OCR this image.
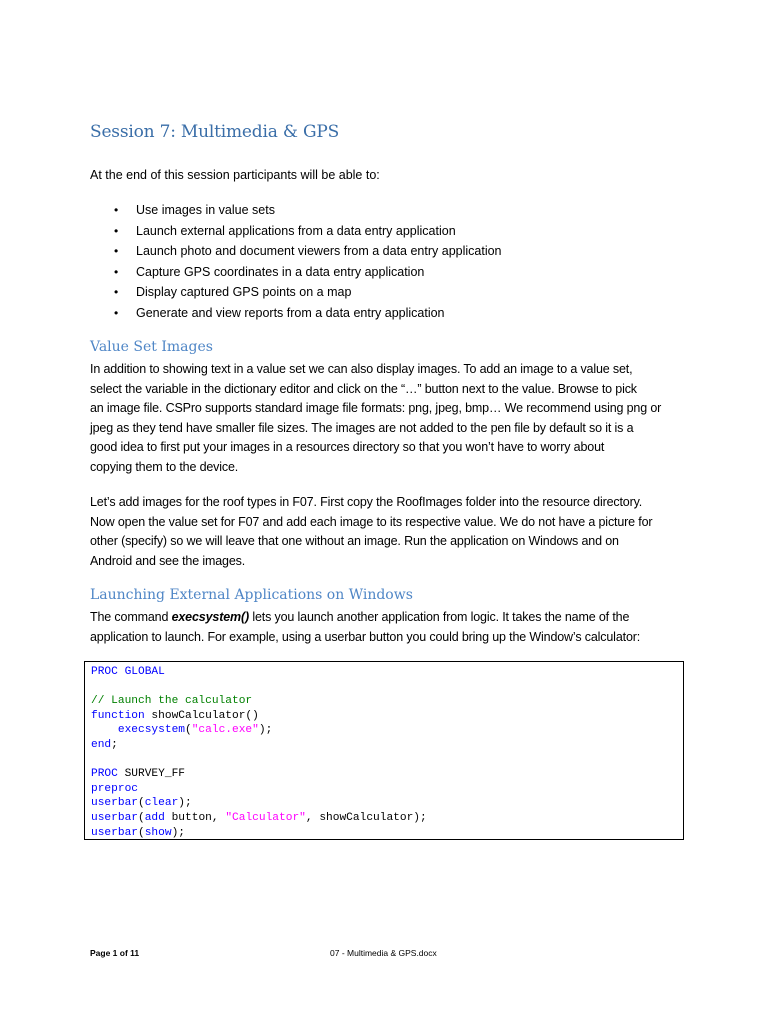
Session 7: Multimedia & GPS

At the end of this session participants will be able to:

• Use images in value sets
• Launch external applications from a data entry application
• Launch photo and document viewers from a data entry application
• Capture GPS coordinates in a data entry application
• Display captured GPS points on a map
• Generate and view reports from a data entry application
Value Set Images
In addition to showing text in a value set we can also display images. To add an image to a value set,
select the variable in the dictionary editor and click on the “…” button next to the value. Browse to pick
an image file. CSPro supports standard image file formats: png, jpeg, bmp… We recommend using png or
jpeg as they tend have smaller file sizes. The images are not added to the pen file by default so it is a
good idea to first put your images in a resources directory so that you won’t have to worry about
copying them to the device.
Let’s add images for the roof types in F07. First copy the RoofImages folder into the resource directory.
Now open the value set for F07 and add each image to its respective value. We do not have a picture for
other (specify) so we will leave that one without an image. Run the application on Windows and on
Android and see the images.
Launching External Applications on Windows
The command execsystem() lets you launch another application from logic. It takes the name of the
application to launch. For example, using a userbar button you could bring up the Window’s calculator:
PROC GLOBAL
// Launch the calculator
function showCalculator()
execsystem("calc.exe");
end;
PROC SURVEY_FF
preproc
userbar(clear);
userbar(add button, "Calculator", showCalculator);
userbar(show);
Page 1 of 11	07 - Multimedia & GPS.docx
